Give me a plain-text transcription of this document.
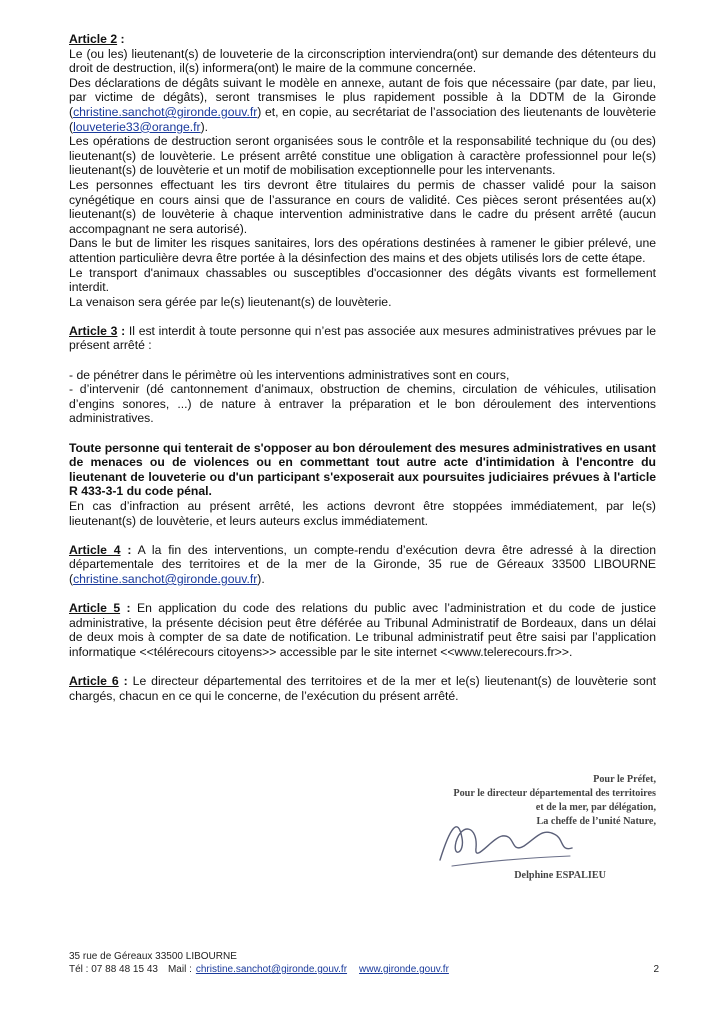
Article 2 :

Le (ou les) lieutenant(s) de louveterie de la circonscription interviendra(ont) sur demande des détenteurs du droit de destruction, il(s) informera(ont) le maire de la commune concernée.

Des déclarations de dégâts suivant le modèle en annexe, autant de fois que nécessaire (par date, par lieu, par victime de dégâts), seront transmises le plus rapidement possible à la DDTM de la Gironde (christine.sanchot@gironde.gouv.fr) et, en copie, au secrétariat de l’association des lieutenants de louvèterie (louveterie33@orange.fr).

Les opérations de destruction seront organisées sous le contrôle et la responsabilité technique du (ou des) lieutenant(s) de louvèterie. Le présent arrêté constitue une obligation à caractère professionnel pour le(s) lieutenant(s) de louvèterie et un motif de mobilisation exceptionnelle pour les intervenants.

Les personnes effectuant les tirs devront être titulaires du permis de chasser validé pour la saison cynégétique en cours ainsi que de l’assurance en cours de validité. Ces pièces seront présentées au(x) lieutenant(s) de louvèterie à chaque intervention administrative dans le cadre du présent arrêté (aucun accompagnant ne sera autorisé).

Dans le but de limiter les risques sanitaires, lors des opérations destinées à ramener le gibier prélevé, une attention particulière devra être portée à la désinfection des mains et des objets utilisés lors de cette étape.

Le transport d'animaux chassables ou susceptibles d'occasionner des dégâts vivants est formellement interdit.

La venaison sera gérée par le(s) lieutenant(s) de louvèterie.

Article 3 : Il est interdit à toute personne qui n’est pas associée aux mesures administratives prévues par le présent arrêté :

- de pénétrer dans le périmètre où les interventions administratives sont en cours,

- d’intervenir (dé cantonnement d’animaux, obstruction de chemins, circulation de véhicules, utilisation d’engins sonores, ...) de nature à entraver la préparation et le bon déroulement des interventions administratives.

Toute personne qui tenterait de s'opposer au bon déroulement des mesures administratives en usant de menaces ou de violences ou en commettant tout autre acte d'intimidation à l'encontre du lieutenant de louveterie ou d'un participant s'exposerait aux poursuites judiciaires prévues à l'article R 433-3-1 du code pénal.

En cas d’infraction au présent arrêté, les actions devront être stoppées immédiatement, par le(s) lieutenant(s) de louvèterie, et leurs auteurs exclus immédiatement.

Article 4 : A la fin des interventions, un compte-rendu d’exécution devra être adressé à la direction départementale des territoires et de la mer de la Gironde, 35 rue de Géreaux 33500 LIBOURNE (christine.sanchot@gironde.gouv.fr).

Article 5 : En application du code des relations du public avec l’administration et du code de justice administrative, la présente décision peut être déférée au Tribunal Administratif de Bordeaux, dans un délai de deux mois à compter de sa date de notification. Le tribunal administratif peut être saisi par l’application informatique <<télérecours citoyens>> accessible par le site internet <<www.telerecours.fr>>.

Article 6 : Le directeur départemental des territoires et de la mer et le(s) lieutenant(s) de louvèterie sont chargés, chacun en ce qui le concerne, de l’exécution du présent arrêté.

Pour le Préfet,
Pour le directeur départemental des territoires
et de la mer, par délégation,
La cheffe de l’unité Nature,
Delphine ESPALIEU
35 rue de Géreaux 33500 LIBOURNE
Tél : 07 88 48 15 43 Mail : christine.sanchot@gironde.gouv.fr www.gironde.gouv.fr	2
